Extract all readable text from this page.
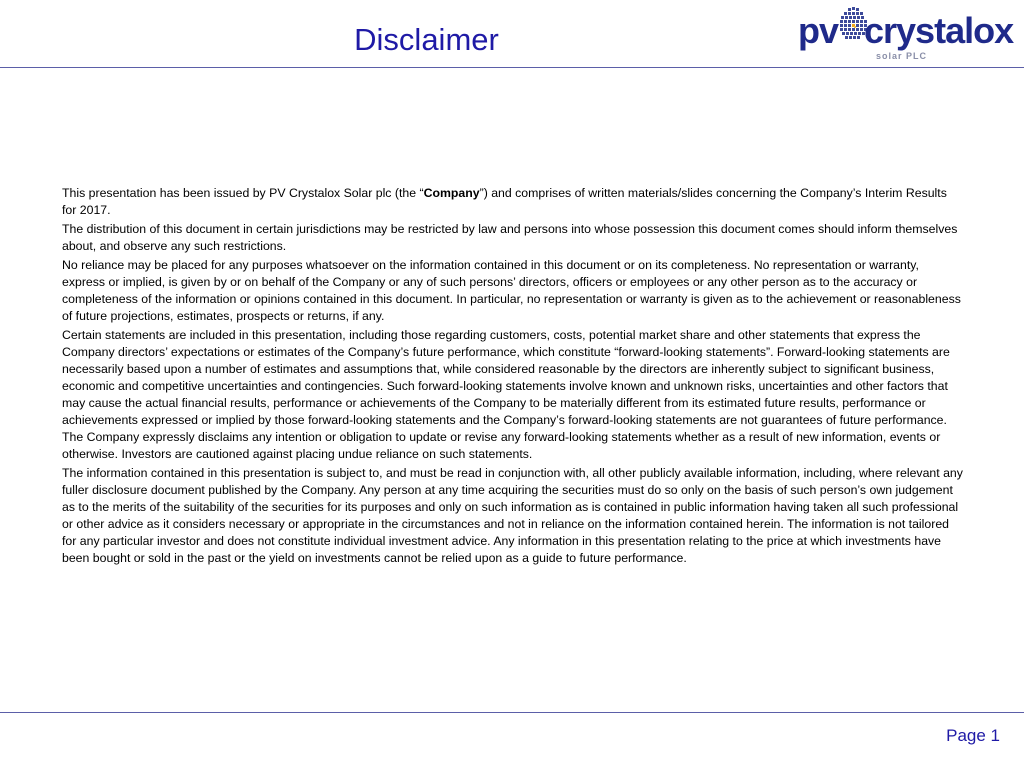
Disclaimer	pv crystalox
solar PLC

This presentation has been issued by PV Crystalox Solar plc (the “Company”) and comprises of written materials/slides concerning the Company’s Interim Results for 2017.

The distribution of this document in certain jurisdictions may be restricted by law and persons into whose possession this document comes should inform themselves about, and observe any such restrictions.

No reliance may be placed for any purposes whatsoever on the information contained in this document or on its completeness. No representation or warranty, express or implied, is given by or on behalf of the Company or any of such persons’ directors, officers or employees or any other person as to the accuracy or completeness of the information or opinions contained in this document. In particular, no representation or warranty is given as to the achievement or reasonableness of future projections, estimates, prospects or returns, if any.

Certain statements are included in this presentation, including those regarding customers, costs, potential market share and other statements that express the Company directors’ expectations or estimates of the Company’s future performance, which constitute “forward-looking statements”. Forward-looking statements are necessarily based upon a number of estimates and assumptions that, while considered reasonable by the directors are inherently subject to significant business, economic and competitive uncertainties and contingencies. Such forward-looking statements involve known and unknown risks, uncertainties and other factors that may cause the actual financial results, performance or achievements of the Company to be materially different from its estimated future results, performance or achievements expressed or implied by those forward-looking statements and the Company’s forward-looking statements are not guarantees of future performance. The Company expressly disclaims any intention or obligation to update or revise any forward-looking statements whether as a result of new information, events or otherwise. Investors are cautioned against placing undue reliance on such statements.

The information contained in this presentation is subject to, and must be read in conjunction with, all other publicly available information, including, where relevant any fuller disclosure document published by the Company. Any person at any time acquiring the securities must do so only on the basis of such person’s own judgement as to the merits of the suitability of the securities for its purposes and only on such information as is contained in public information having taken all such professional or other advice as it considers necessary or appropriate in the circumstances and not in reliance on the information contained herein. The information is not tailored for any particular investor and does not constitute individual investment advice. Any information in this presentation relating to the price at which investments have been bought or sold in the past or the yield on investments cannot be relied upon as a guide to future performance.

Page 1
